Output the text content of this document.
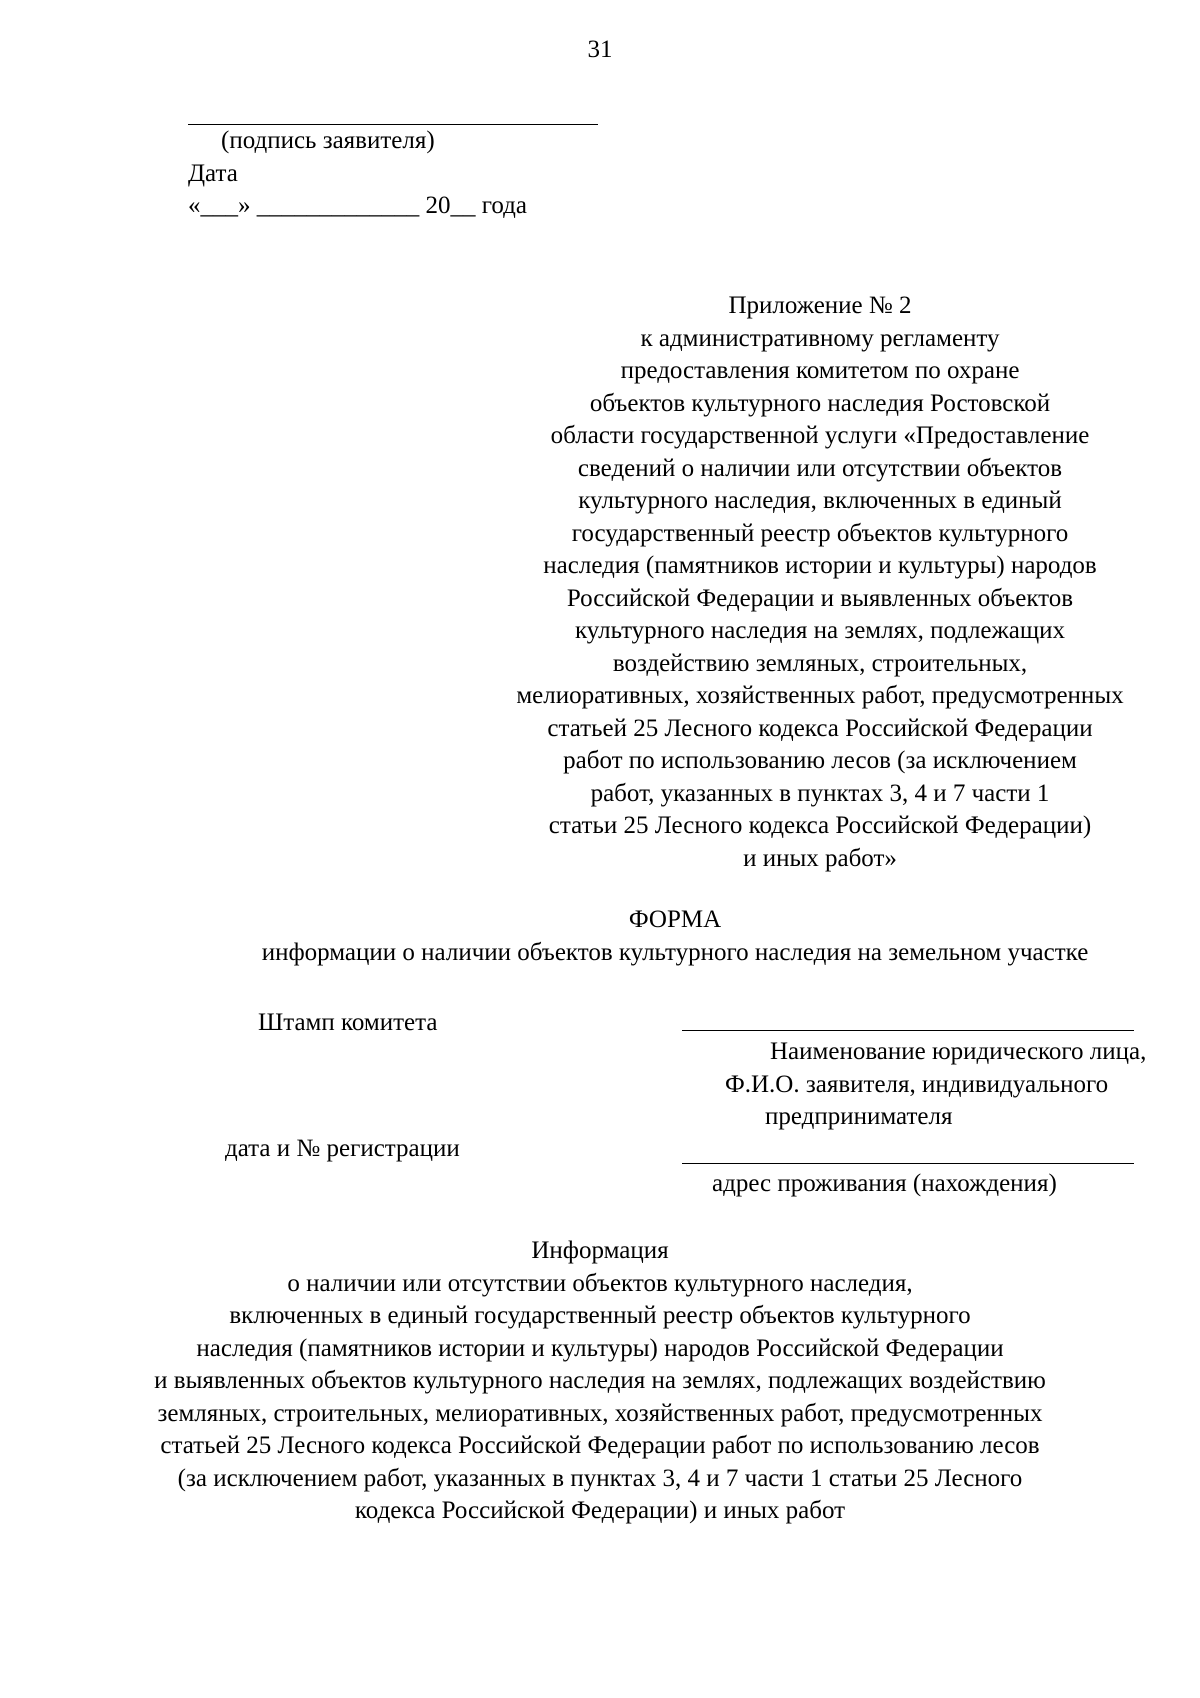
31
(подпись заявителя)
Дата
«___» _____________ 20__ года
Приложение № 2
к административному регламенту
предоставления комитетом по охране
объектов культурного наследия Ростовской
области государственной услуги «Предоставление
сведений о наличии или отсутствии объектов
культурного наследия, включенных в единый
государственный реестр объектов культурного
наследия (памятников истории и культуры) народов
Российской Федерации и выявленных объектов
культурного наследия на землях, подлежащих
воздействию земляных, строительных,
мелиоративных, хозяйственных работ, предусмотренных
статьей 25 Лесного кодекса Российской Федерации
работ по использованию лесов (за исключением
работ, указанных в пунктах 3, 4 и 7 части 1
статьи 25 Лесного кодекса Российской Федерации)
и иных работ»
ФОРМА
информации о наличии объектов культурного наследия на земельном участке
Штамп комитета
Наименование юридического лица,
Ф.И.О. заявителя, индивидуального
предпринимателя
дата и № регистрации
адрес проживания (нахождения)
Информация
о наличии или отсутствии объектов культурного наследия,
включенных в единый государственный реестр объектов культурного
наследия (памятников истории и культуры) народов Российской Федерации
и выявленных объектов культурного наследия на землях, подлежащих воздействию
земляных, строительных, мелиоративных, хозяйственных работ, предусмотренных
статьей 25 Лесного кодекса Российской Федерации работ по использованию лесов
(за исключением работ, указанных в пунктах 3, 4 и 7 части 1 статьи 25 Лесного
кодекса Российской Федерации) и иных работ
